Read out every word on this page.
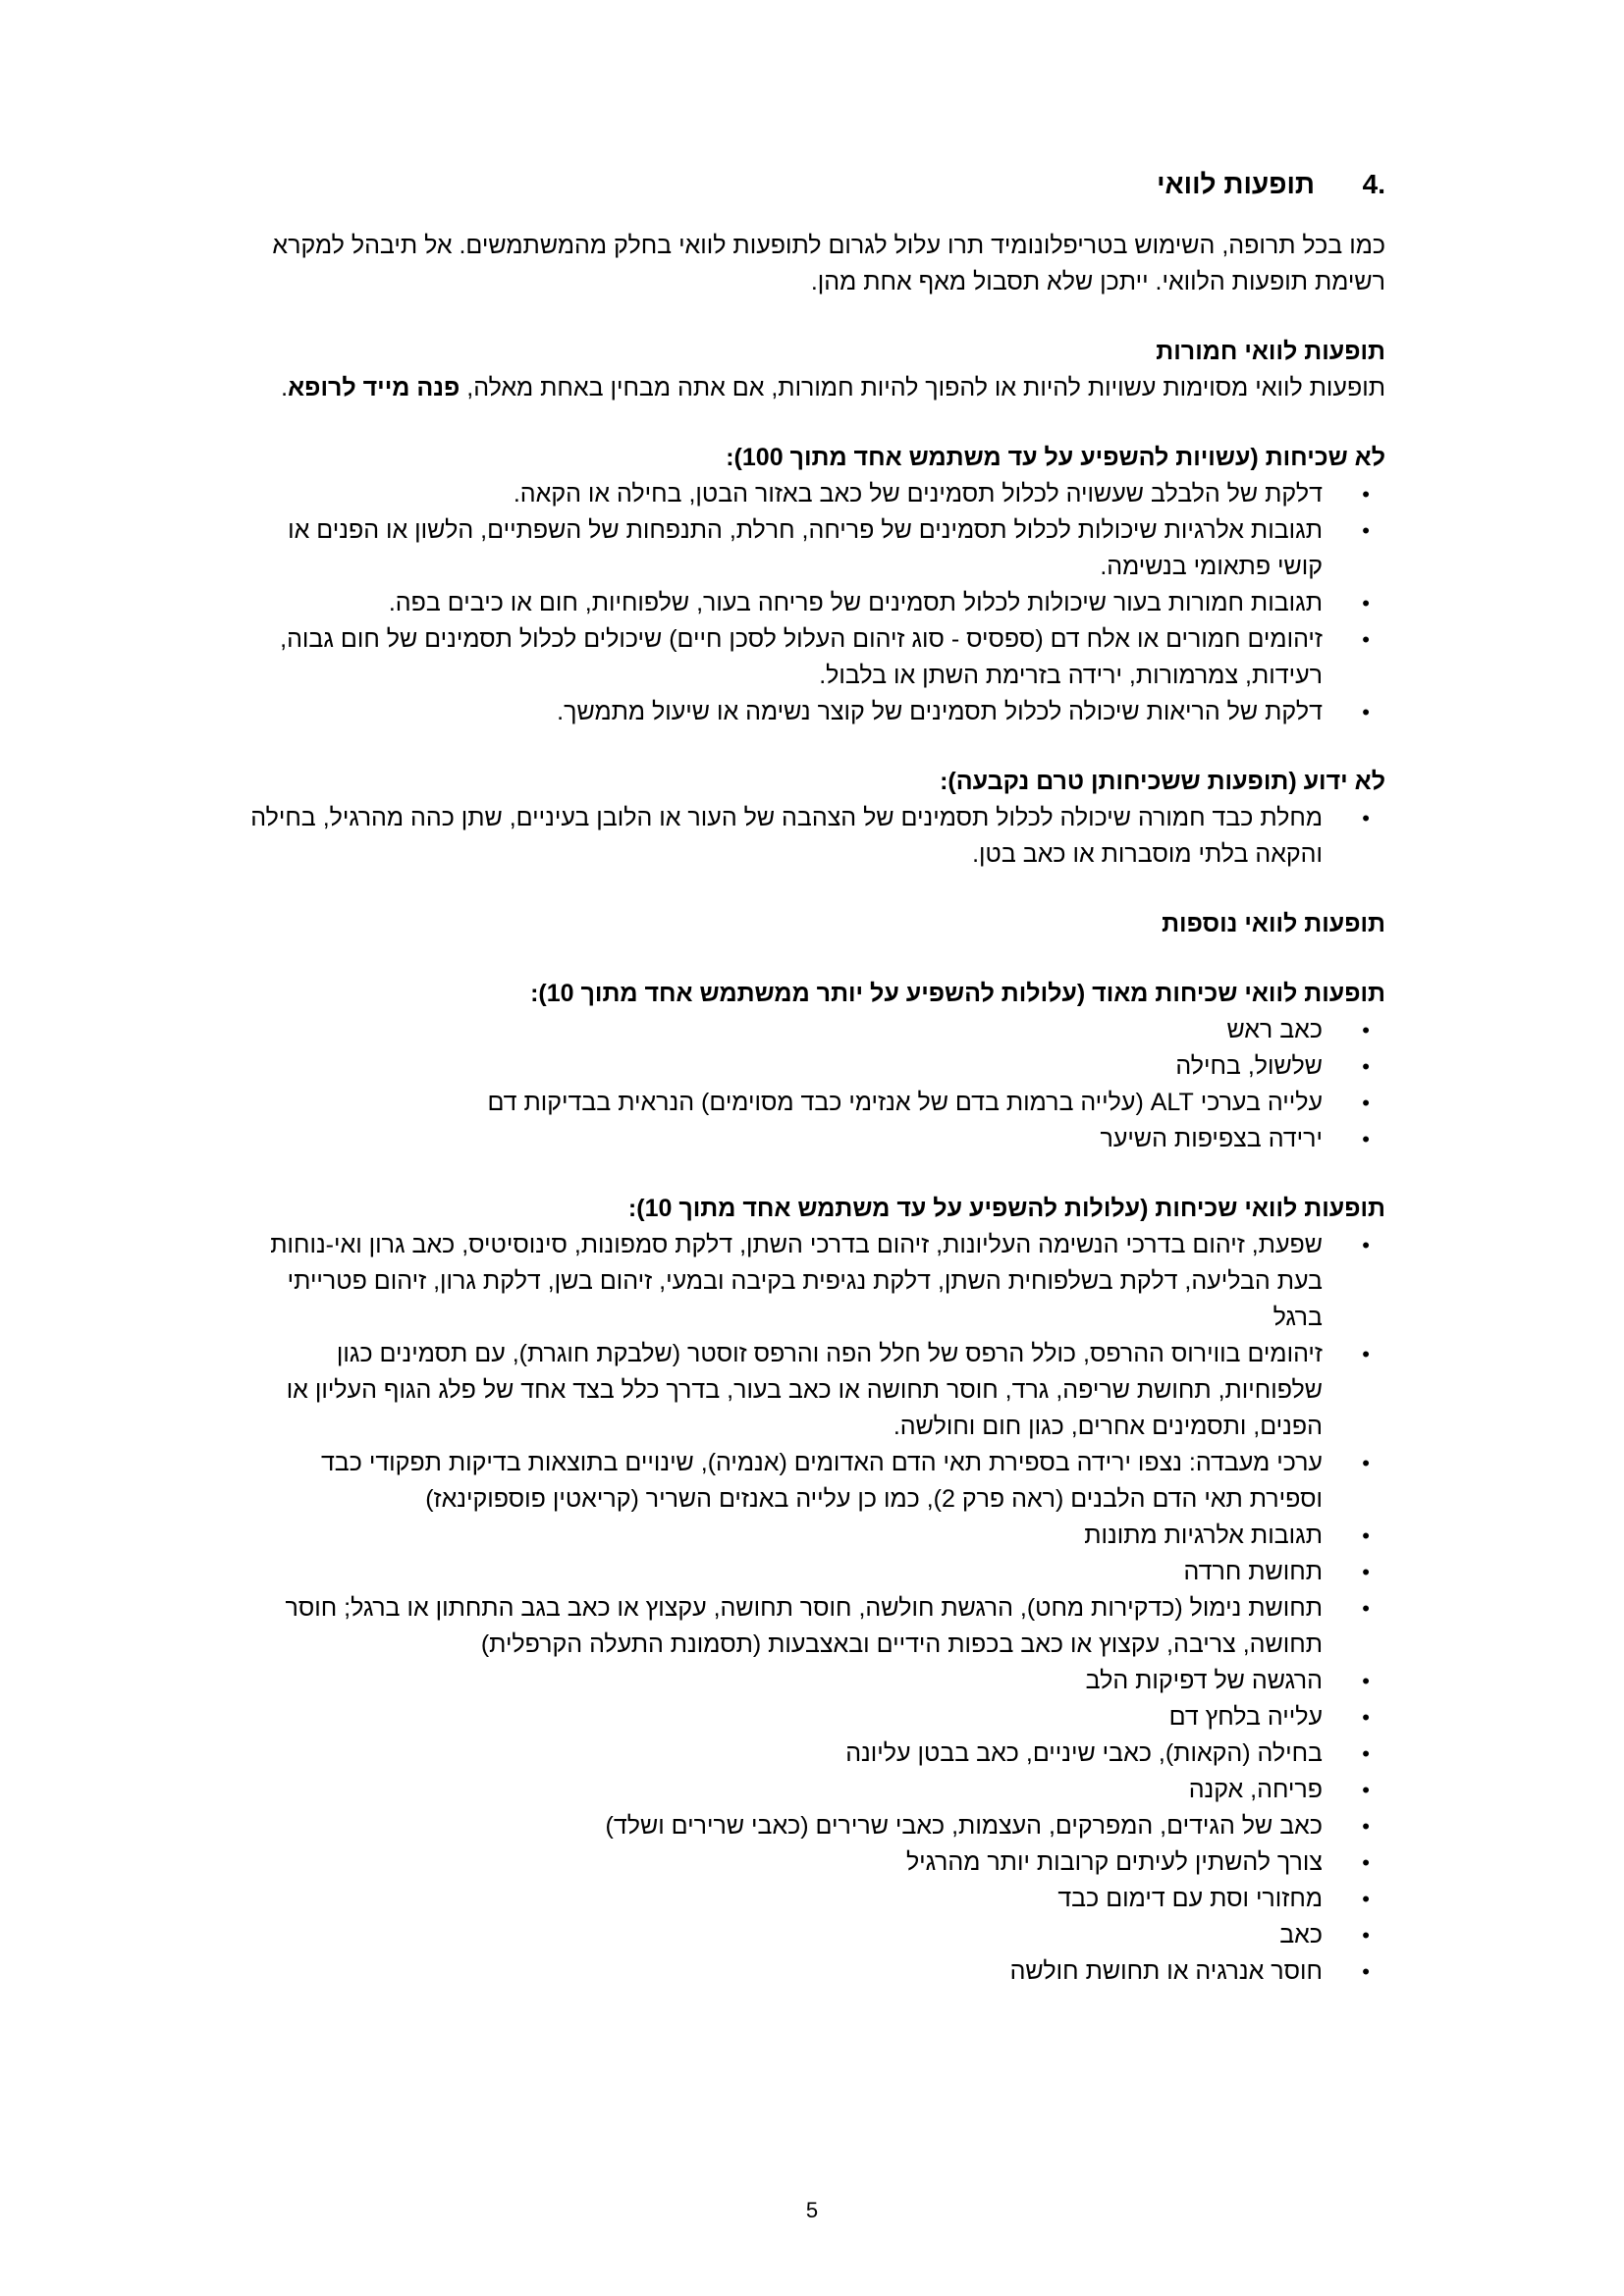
4.
תופעות לוואי

כמו בכל תרופה, השימוש בטריפלונומיד תרו עלול לגרום לתופעות לוואי בחלק מהמשתמשים. אל תיבהל למקרא רשימת תופעות הלוואי. ייתכן שלא תסבול מאף אחת מהן.

תופעות לוואי חמורות

תופעות לוואי מסוימות עשויות להיות או להפוך להיות חמורות, אם אתה מבחין באחת מאלה, פנה מייד לרופא.

לא שכיחות (עשויות להשפיע על עד משתמש אחד מתוך 100):

•
דלקת של הלבלב שעשויה לכלול תסמינים של כאב באזור הבטן, בחילה או הקאה.
•
תגובות אלרגיות שיכולות לכלול תסמינים של פריחה, חרלת, התנפחות של השפתיים, הלשון או הפנים או קושי פתאומי בנשימה.
•
תגובות חמורות בעור שיכולות לכלול תסמינים של פריחה בעור, שלפוחיות, חום או כיבים בפה.
•
זיהומים חמורים או אלח דם (ספסיס - סוג זיהום העלול לסכן חיים) שיכולים לכלול תסמינים של חום גבוה, רעידות, צמרמורות, ירידה בזרימת השתן או בלבול.
•
דלקת של הריאות שיכולה לכלול תסמינים של קוצר נשימה או שיעול מתמשך.

לא ידוע (תופעות ששכיחותן טרם נקבעה):

•
מחלת כבד חמורה שיכולה לכלול תסמינים של הצהבה של העור או הלובן בעיניים, שתן כהה מהרגיל, בחילה והקאה בלתי מוסברות או כאב בטן.

תופעות לוואי נוספות

תופעות לוואי שכיחות מאוד (עלולות להשפיע על יותר ממשתמש אחד מתוך 10):

•
כאב ראש
•
שלשול, בחילה
•
עלייה בערכי ALT (עלייה ברמות בדם של אנזימי כבד מסוימים) הנראית בבדיקות דם
•
ירידה בצפיפות השיער

תופעות לוואי שכיחות (עלולות להשפיע על עד משתמש אחד מתוך 10):

•
שפעת, זיהום בדרכי הנשימה העליונות, זיהום בדרכי השתן, דלקת סמפונות, סינוסיטיס, כאב גרון ואי-נוחות בעת הבליעה, דלקת בשלפוחית השתן, דלקת נגיפית בקיבה ובמעי, זיהום בשן, דלקת גרון, זיהום פטרייתי ברגל
•
זיהומים בווירוס ההרפס, כולל הרפס של חלל הפה והרפס זוסטר (שלבקת חוגרת), עם תסמינים כגון שלפוחיות, תחושת שריפה, גרד, חוסר תחושה או כאב בעור, בדרך כלל בצד אחד של פלג הגוף העליון או הפנים, ותסמינים אחרים, כגון חום וחולשה.
•
ערכי מעבדה: נצפו ירידה בספירת תאי הדם האדומים (אנמיה), שינויים בתוצאות בדיקות תפקודי כבד וספירת תאי הדם הלבנים (ראה פרק 2), כמו כן עלייה באנזים השריר (קריאטין פוספוקינאז)
•
תגובות אלרגיות מתונות
•
תחושת חרדה
•
תחושת נימול (כדקירות מחט), הרגשת חולשה, חוסר תחושה, עקצוץ או כאב בגב התחתון או ברגל; חוסר תחושה, צריבה, עקצוץ או כאב בכפות הידיים ובאצבעות (תסמונת התעלה הקרפלית)
•
הרגשה של דפיקות הלב
•
עלייה בלחץ דם
•
בחילה (הקאות), כאבי שיניים, כאב בבטן עליונה
•
פריחה, אקנה
•
כאב של הגידים, המפרקים, העצמות, כאבי שרירים (כאבי שרירים ושלד)
•
צורך להשתין לעיתים קרובות יותר מהרגיל
•
מחזורי וסת עם דימום כבד
•
כאב
•
חוסר אנרגיה או תחושת חולשה
5
